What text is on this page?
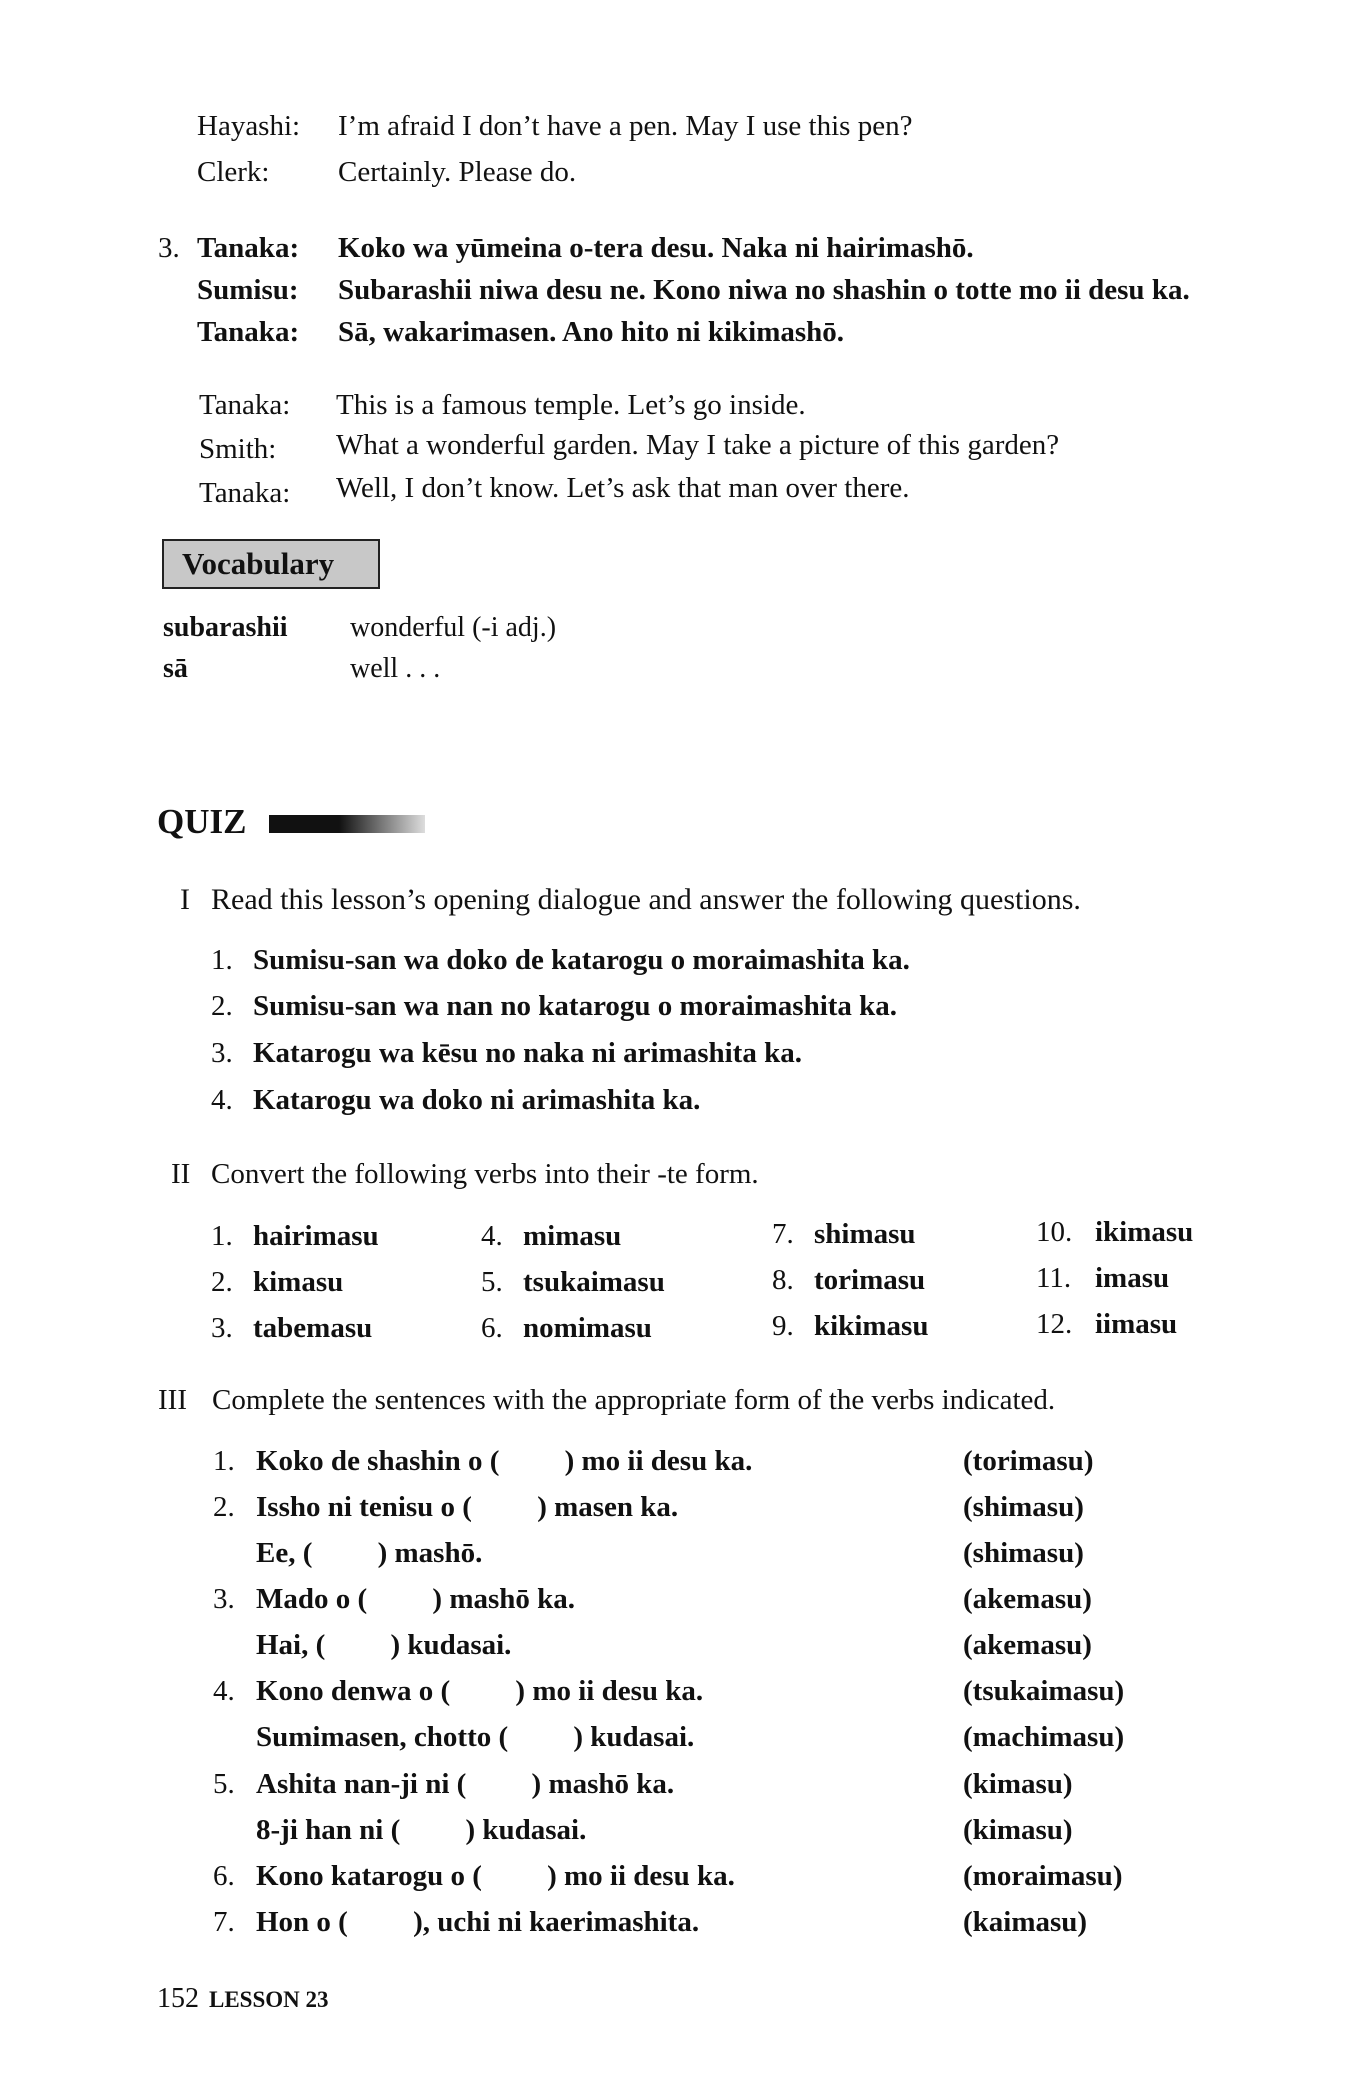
Hayashi: I’m afraid I don’t have a pen. May I use this pen?
Clerk: Certainly. Please do.
3. Tanaka: Koko wa yūmeina o-tera desu. Naka ni hairimashō.
Sumisu: Subarashii niwa desu ne. Kono niwa no shashin o totte mo ii desu ka.
Tanaka: Sā, wakarimasen. Ano hito ni kikimashō.
Tanaka: This is a famous temple. Let’s go inside.
Smith: What a wonderful garden. May I take a picture of this garden?
Tanaka: Well, I don’t know. Let’s ask that man over there.
Vocabulary
subarashii wonderful (-i adj.)
sā	well . . .
QUIZ
I Read this lesson’s opening dialogue and answer the following questions.
1. Sumisu-san wa doko de katarogu o moraimashita ka.
2. Sumisu-san wa nan no katarogu o moraimashita ka.
3. Katarogu wa kēsu no naka ni arimashita ka.
4. Katarogu wa doko ni arimashita ka.
II Convert the following verbs into their -te form.
1. hairimasu
2. kimasu
3. tabemasu
4. mimasu
5. tsukaimasu
6. nomimasu
7. shimasu
8. torimasu
9. kikimasu
10. ikimasu
11. imasu
12. iimasu
III Complete the sentences with the appropriate form of the verbs indicated.
1. Koko de shashin o (         ) mo ii desu ka.	(torimasu)
2. Issho ni tenisu o (         ) masen ka.	(shimasu)
Ee, (         ) mashō.	(shimasu)
3. Mado o (         ) mashō ka.	(akemasu)
Hai, (         ) kudasai.	(akemasu)
4. Kono denwa o (         ) mo ii desu ka.	(tsukaimasu)
Sumimasen, chotto (         ) kudasai.	(machimasu)
5. Ashita nan-ji ni (         ) mashō ka.	(kimasu)
8-ji han ni (         ) kudasai.	(kimasu)
6. Kono katarogu o (         ) mo ii desu ka.	(moraimasu)
7. Hon o (         ), uchi ni kaerimashita.	(kaimasu)
152 LESSON 23
